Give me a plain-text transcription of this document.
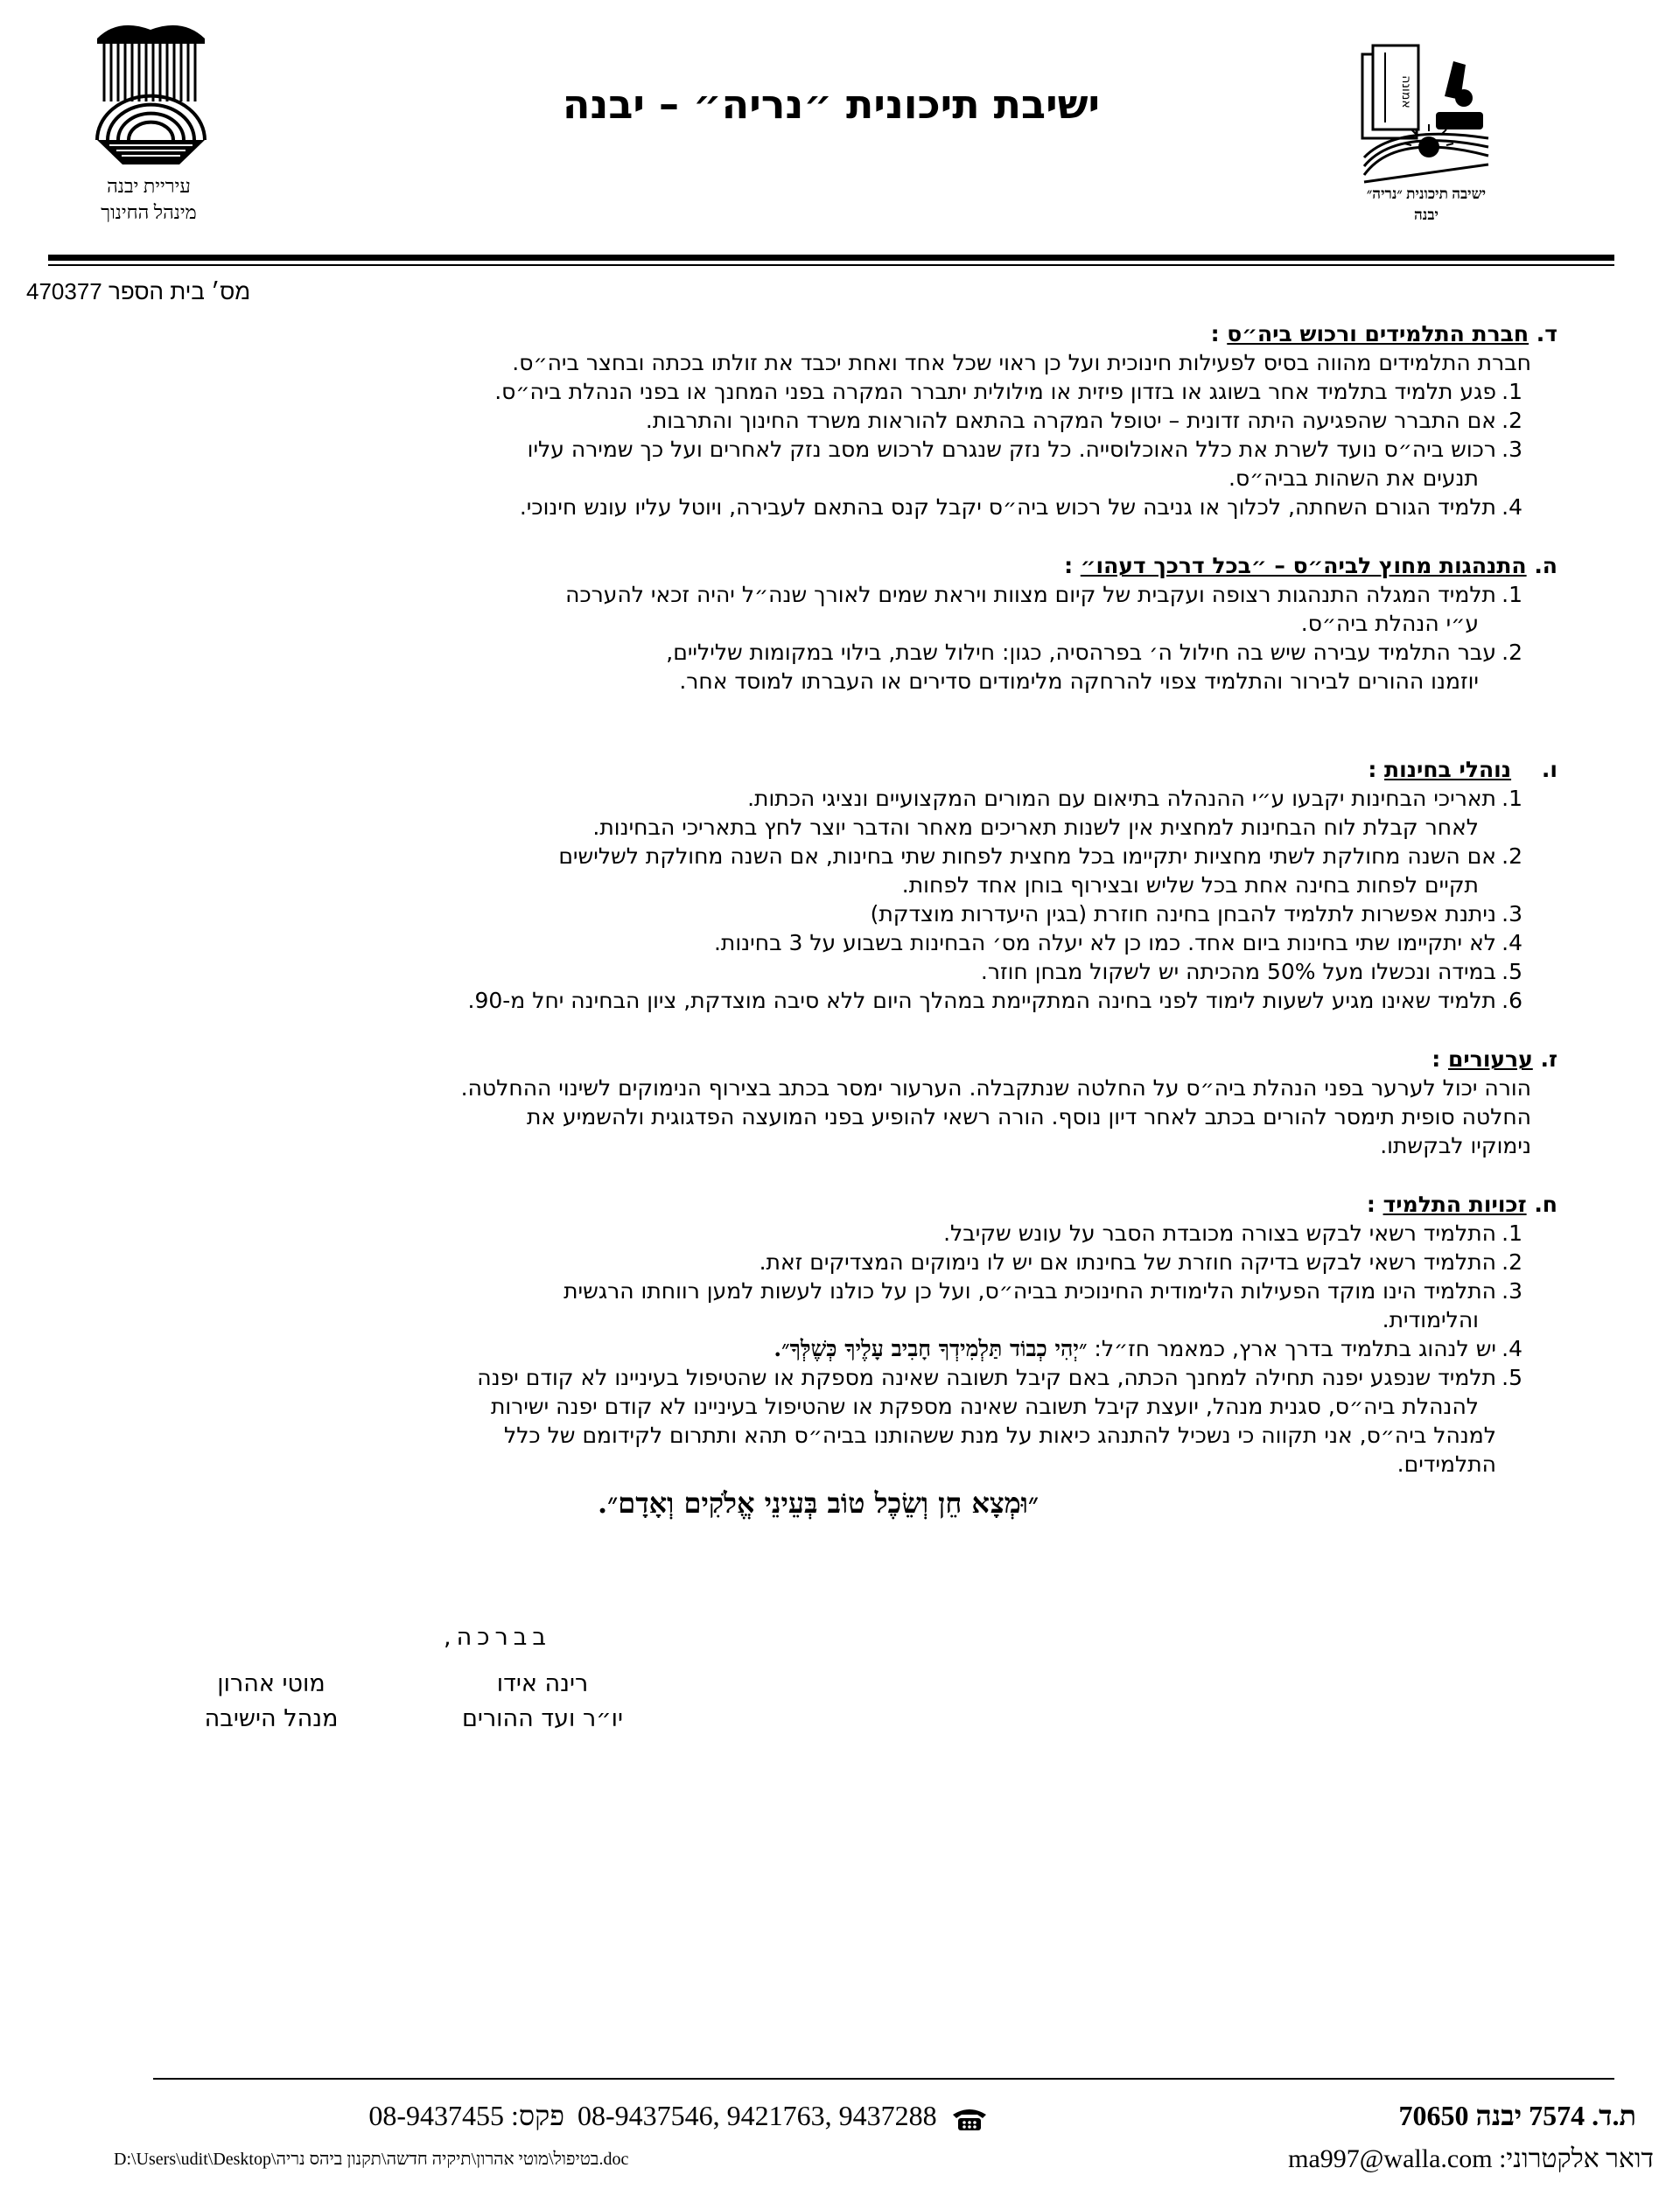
אמונה
ישיבה תיכונית ״נריה״
יבנה
עיריית יבנה
מינהל החינוך
ישיבת תיכונית ״נריה״ – יבנה
מס׳ בית הספר 470377
ד. חברת התלמידים ורכוש ביה״ס :
חברת התלמידים מהווה בסיס לפעילות חינוכית ועל כן ראוי שכל אחד ואחת יכבד את זולתו בכתה ובחצר ביה״ס.
1.
פגע תלמיד בתלמיד אחר בשוגג או בזדון פיזית או מילולית יתברר המקרה בפני המחנך או בפני הנהלת ביה״ס.
2.
אם התברר שהפגיעה היתה זדונית – יטופל המקרה בהתאם להוראות משרד החינוך והתרבות.
3.
רכוש ביה״ס נועד לשרת את כלל האוכלוסייה. כל נזק שנגרם לרכוש מסב נזק לאחרים ועל כך שמירה עליו
תנעים את השהות בביה״ס.
4.
תלמיד הגורם השחתה, לכלוך או גניבה של רכוש ביה״ס יקבל קנס בהתאם לעבירה, ויוטל עליו עונש חינוכי.
ה. התנהגות מחוץ לביה״ס – ״בכל דרכך דעהו״ :
1.
תלמיד המגלה התנהגות רצופה ועקבית של קיום מצוות ויראת שמים לאורך שנה״ל יהיה זכאי להערכה
ע״י הנהלת ביה״ס.
2.
עבר התלמיד עבירה שיש בה חילול ה׳ בפרהסיה, כגון: חילול שבת, בילוי במקומות שליליים,
יוזמנו ההורים לבירור והתלמיד צפוי להרחקה מלימודים סדירים או העברתו למוסד אחר.
ו.    נוהלי בחינות :
1.
תאריכי הבחינות יקבעו ע״י ההנהלה בתיאום עם המורים המקצועיים ונציגי הכתות.
לאחר קבלת לוח הבחינות למחצית אין לשנות תאריכים מאחר והדבר יוצר לחץ בתאריכי הבחינות.
2.
אם השנה מחולקת לשתי מחציות יתקיימו בכל מחצית לפחות שתי בחינות, אם השנה מחולקת לשלישים
תקיים לפחות בחינה אחת בכל שליש ובצירוף בוחן אחד לפחות.
3.
ניתנת אפשרות לתלמיד להבחן בחינה חוזרת (בגין היעדרות מוצדקת)
4.
לא יתקיימו שתי בחינות ביום אחד. כמו כן לא יעלה מס׳ הבחינות בשבוע על 3 בחינות.
5.
במידה ונכשלו מעל 50% מהכיתה יש לשקול מבחן חוזר.
6.
תלמיד שאינו מגיע לשעות לימוד לפני בחינה המתקיימת במהלך היום ללא סיבה מוצדקת, ציון הבחינה יחל מ-90.
ז. ערעורים :
הורה יכול לערער בפני הנהלת ביה״ס על החלטה שנתקבלה. הערעור ימסר בכתב בצירוף הנימוקים לשינוי ההחלטה.
החלטה סופית תימסר להורים בכתב לאחר דיון נוסף. הורה רשאי להופיע בפני המועצה הפדגוגית ולהשמיע את
נימוקיו לבקשתו.
ח. זכויות התלמיד :
1.
התלמיד רשאי לבקש בצורה מכובדת הסבר על עונש שקיבל.
2.
התלמיד רשאי לבקש בדיקה חוזרת של בחינתו אם יש לו נימוקים המצדיקים זאת.
3.
התלמיד הינו מוקד הפעילות הלימודית החינוכית בביה״ס, ועל כן על כולנו לעשות למען רווחתו הרגשית
והלימודית.
4.
יש לנהוג בתלמיד בדרך ארץ, כמאמר חז״ל: ״יְהִי כְבוֹד תַּלְמִידְךָ חָבִיב עָלֶיךָ כְּשֶׁלְּךָ״.
5.
תלמיד שנפגע יפנה תחילה למחנך הכתה, באם קיבל תשובה שאינה מספקת או שהטיפול בעיניינו לא קודם יפנה
להנהלת ביה״ס, סגנית מנהל, יועצת קיבל תשובה שאינה מספקת או שהטיפול בעיניינו לא קודם יפנה ישירות
למנהל ביה״ס, אני תקווה כי נשכיל להתנהג כיאות על מנת ששהותנו בביה״ס תהא ותתרום לקידומם של כלל
התלמידים.
״וּמְצָא חֵן וְשֵׂכֶל טוֹב בְּעֵינֵי אֱלֹקִים וְאָדָם״.
בברכה,
מוטי אהרון
מנהל הישיבה
רינה אידו
יו״ר ועד ההורים
ת.ד. 7574 יבנה 70650
08-9437546, 9421763, 9437288
פקס: 08-9437455
דואר אלקטרוני: ma997@walla.com
D:\Users\udit\Desktop\בטיפול\מוטי אהרון\תיקיה חדשה\תקנון ביהס נריה.doc
